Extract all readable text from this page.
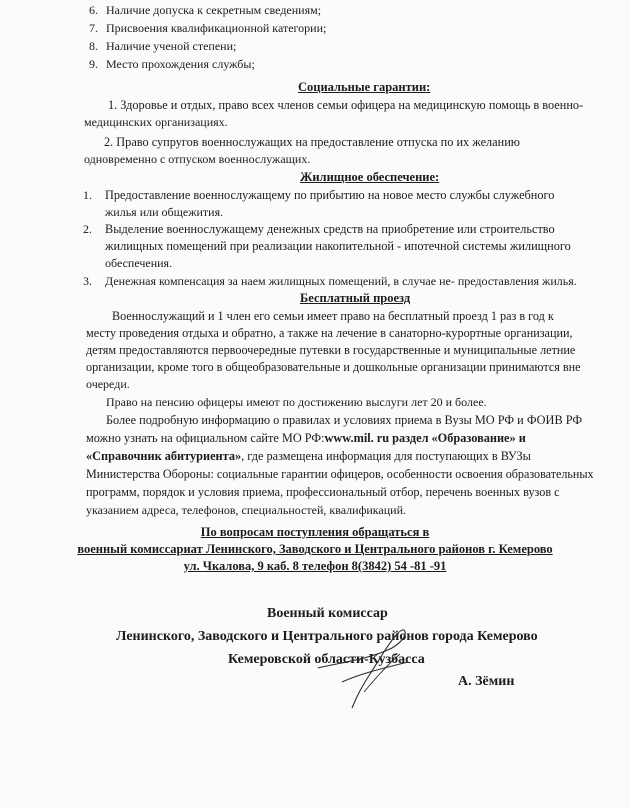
6. Наличие допуска к секретным сведениям;
7. Присвоения квалификационной категории;
8. Наличие ученой степени;
9. Место прохождения службы;
Социальные гарантии:
1. Здоровье и отдых, право всех членов семьи офицера на медицинскую помощь в военно-
медицинских организациях.
2. Право супругов военнослужащих на предоставление отпуска по их желанию
одновременно с отпуском военнослужащих.
Жилищное обеспечение:
1. Предоставление военнослужащему по прибытию на новое место службы служебного
жилья или общежития.
2. Выделение военнослужащему денежных средств на приобретение или строительство
жилищных помещений при реализации накопительной - ипотечной системы жилищного
обеспечения.
3. Денежная компенсация за наем жилищных помещений, в случае не- предоставления жилья.
Бесплатный проезд
Военнослужащий и 1 член его семьи имеет право на бесплатный проезд 1 раз в год к
месту проведения отдыха и обратно, а также на лечение в санаторно-курортные организации,
детям предоставляются первоочередные путевки в государственные и муниципальные летние
организации, кроме того в общеобразовательные и дошкольные организации принимаются вне
очереди.
Право на пенсию офицеры имеют по достижению выслуги лет 20 и более.
Более подробную информацию о правилах и условиях приема в Вузы МО РФ и ФОИВ РФ
можно узнать на официальном сайте МО РФ:www.mil. ru раздел «Образование» и
«Справочник абитуриента», где размещена информация для поступающих в ВУЗы
Министерства Обороны: социальные гарантии офицеров, особенности освоения образовательных
программ, порядок и условия приема, профессиональный отбор, перечень военных вузов с
указанием адреса, телефонов, специальностей, квалификаций.
По вопросам поступления обращаться в
военный комиссариат Ленинского, Заводского и Центрального районов г. Кемерово
ул. Чкалова, 9 каб. 8 телефон 8(3842) 54 -81 -91
Военный комиссар
Ленинского, Заводского и Центрального районов города Кемерово
Кемеровской области-Кузбасса
А. Зёмин
